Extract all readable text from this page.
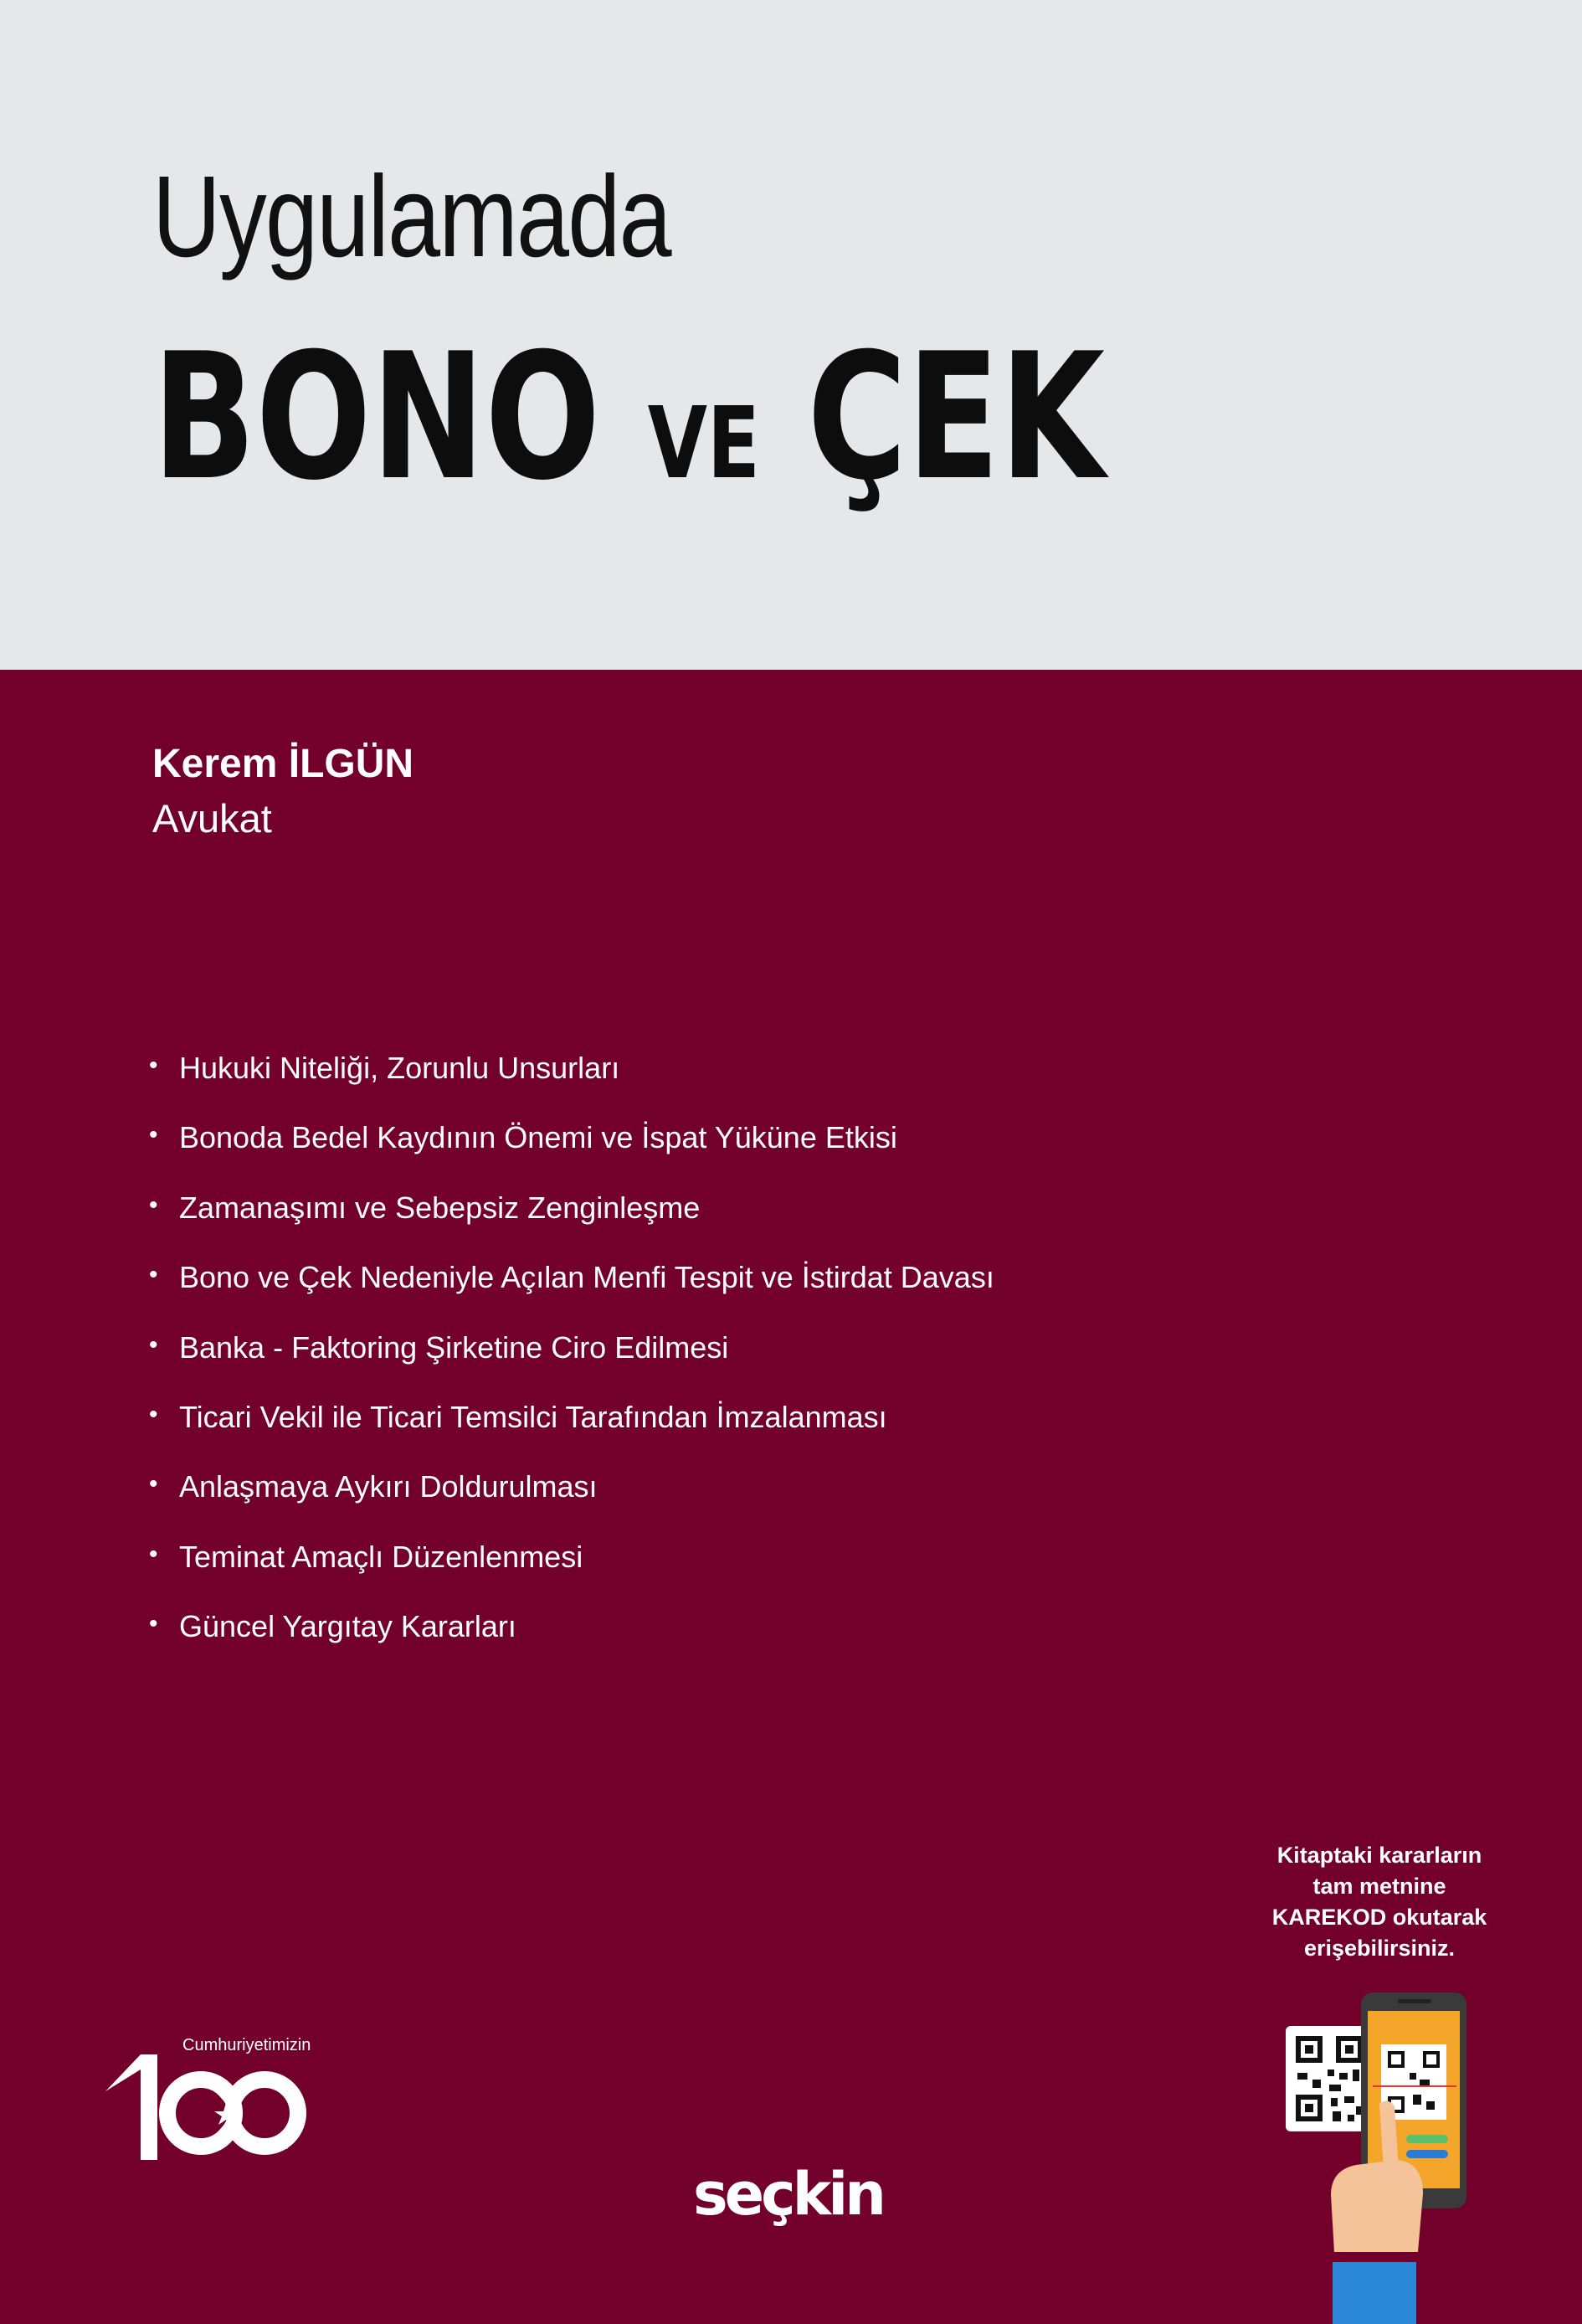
Uygulamada
BONO VE ÇEK
Kerem İLGÜN
Avukat
• Hukuki Niteliği, Zorunlu Unsurları
• Bonoda Bedel Kaydının Önemi ve İspat Yüküne Etkisi
• Zamanaşımı ve Sebepsiz Zenginleşme
• Bono ve Çek Nedeniyle Açılan Menfi Tespit ve İstirdat Davası
• Banka - Faktoring Şirketine Ciro Edilmesi
• Ticari Vekil ile Ticari Temsilci Tarafından İmzalanması
• Anlaşmaya Aykırı Doldurulması
• Teminat Amaçlı Düzenlenmesi
• Güncel Yargıtay Kararları
Kitaptaki kararların
tam metnine
KAREKOD okutarak
erişebilirsiniz.
Cumhuriyetimizin
Yılı
seçkin
